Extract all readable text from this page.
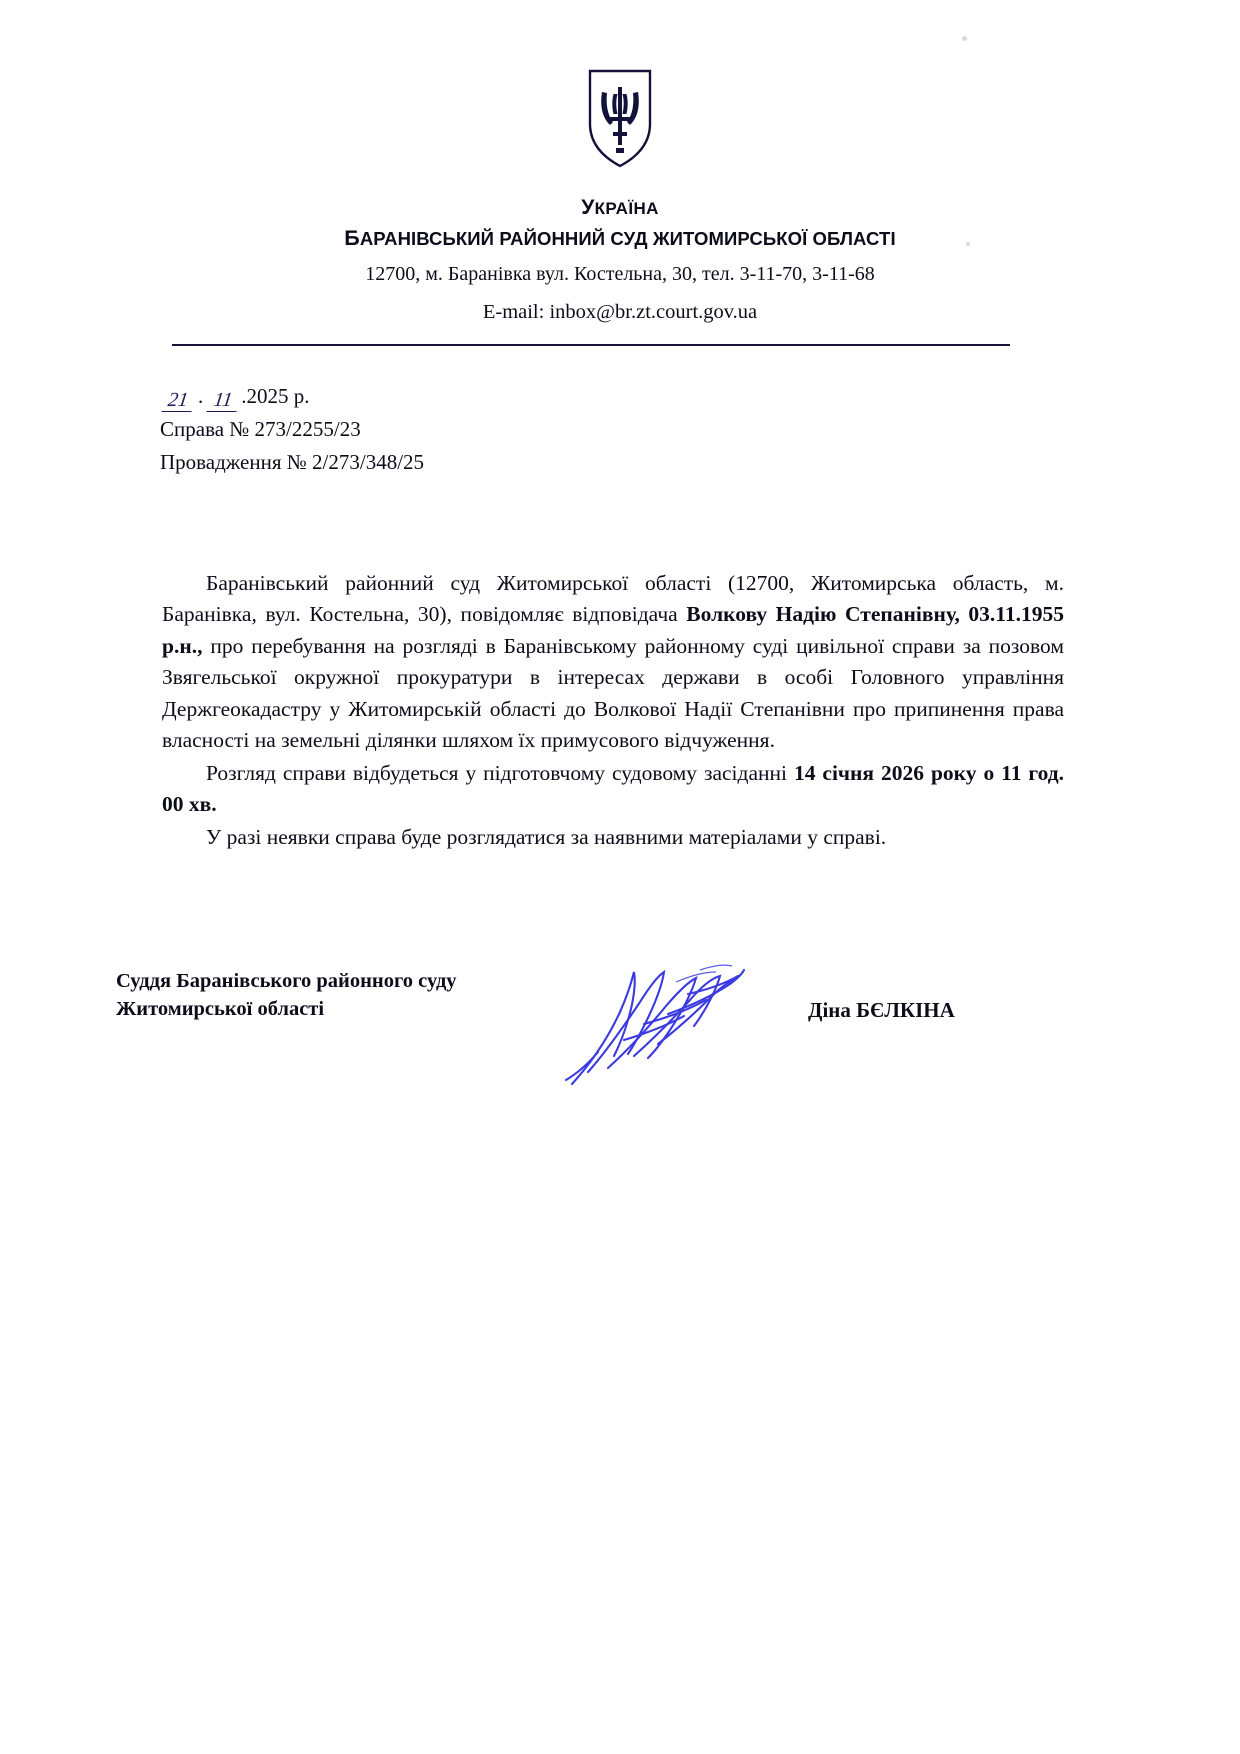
УКРАЇНА
БАРАНІВСЬКИЙ РАЙОННИЙ СУД ЖИТОМИРСЬКОЇ ОБЛАСТІ
12700, м. Баранівка вул. Костельна, 30, тел. 3-11-70, 3-11-68
E-mail: inbox@br.zt.court.gov.ua
21 . 11 .2025 р.
Справа № 273/2255/23
Провадження № 2/273/348/25

Баранівський районний суд Житомирської області (12700, Житомирська область, м. Баранівка, вул. Костельна, 30), повідомляє відповідача Волкову Надію Степанівну, 03.11.1955 р.н., про перебування на розгляді в Баранівському районному суді цивільної справи за позовом Звягельської окружної прокуратури в інтересах держави в особі Головного управління Держгеокадастру у Житомирській області до Волкової Надії Степанівни про припинення права власності на земельні ділянки шляхом їх примусового відчуження.

Розгляд справи відбудеться у підготовчому судовому засіданні 14 січня 2026 року о 11 год. 00 хв.

У разі неявки справа буде розглядатися за наявними матеріалами у справі.

Суддя Баранівського районного суду
Житомирської області	Діна БЄЛКІНА
